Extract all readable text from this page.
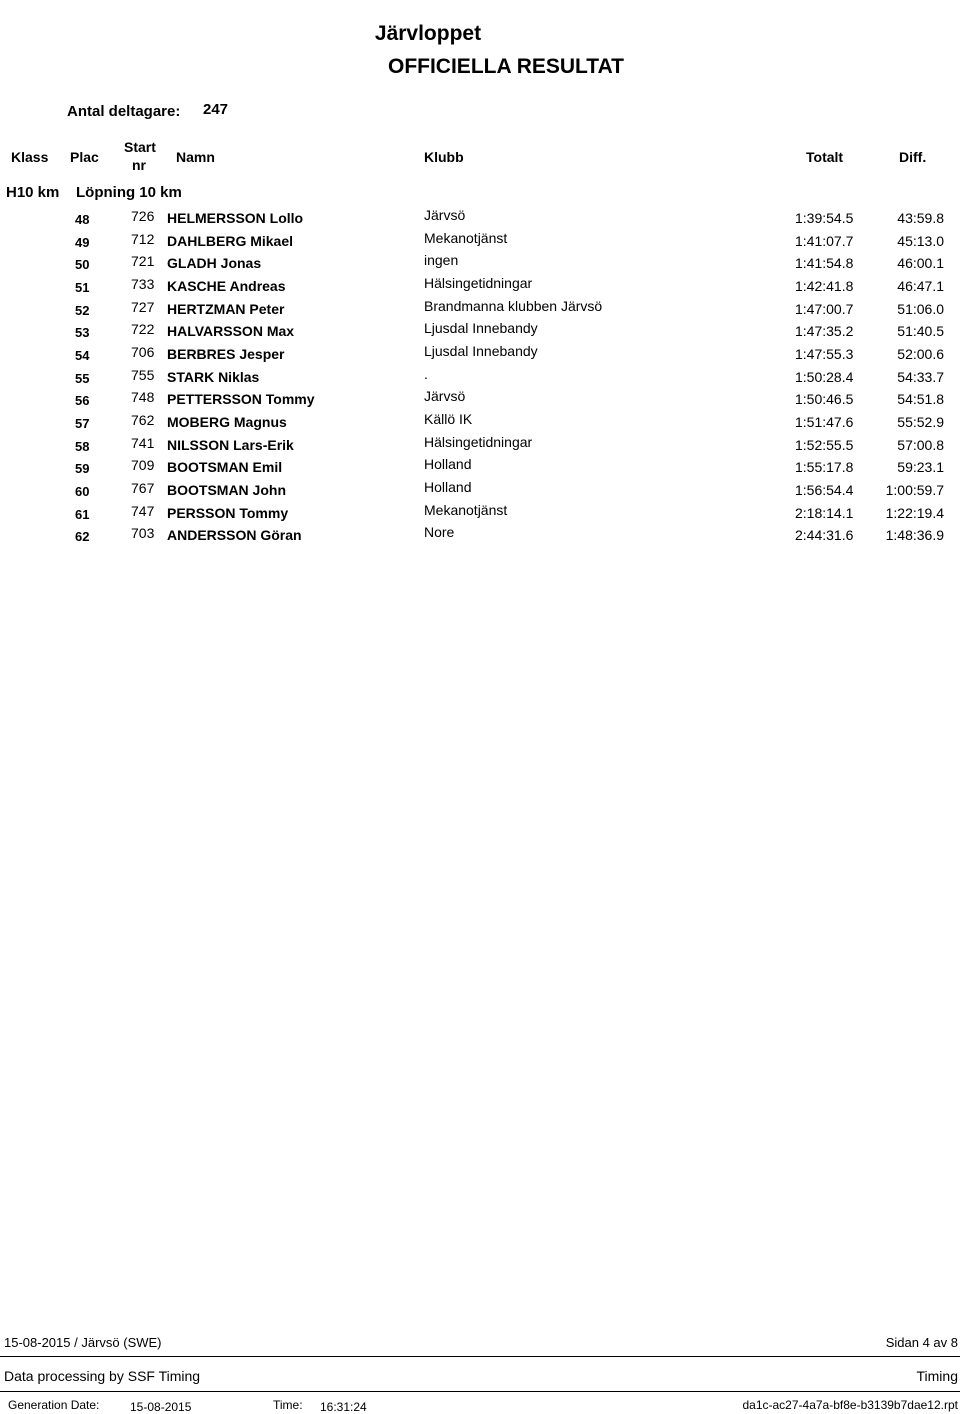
Järvloppet
OFFICIELLA RESULTAT
Antal deltagare: 247
Klass Plac
Start
nr Namn	Klubb	Totalt	Diff.
H10 km Löpning 10 km
48	726 HELMERSSON Lollo	Järvsö	1:39:54.5	43:59.8
49	712 DAHLBERG Mikael	Mekanotjänst	1:41:07.7	45:13.0
50	721 GLADH Jonas	ingen	1:41:54.8	46:00.1
51	733 KASCHE Andreas	Hälsingetidningar	1:42:41.8	46:47.1
52	727 HERTZMAN Peter	Brandmanna klubben Järvsö	1:47:00.7	51:06.0
53	722 HALVARSSON Max	Ljusdal Innebandy	1:47:35.2	51:40.5
54	706 BERBRES Jesper	Ljusdal Innebandy	1:47:55.3	52:00.6
55	755 STARK Niklas	.	1:50:28.4	54:33.7
56	748 PETTERSSON Tommy	Järvsö	1:50:46.5	54:51.8
57	762 MOBERG Magnus	Källö IK	1:51:47.6	55:52.9
58	741 NILSSON Lars-Erik	Hälsingetidningar	1:52:55.5	57:00.8
59	709 BOOTSMAN Emil	Holland	1:55:17.8	59:23.1
60	767 BOOTSMAN John	Holland	1:56:54.4 1:00:59.7
61	747 PERSSON Tommy	Mekanotjänst	2:18:14.1 1:22:19.4
62	703 ANDERSSON Göran	Nore	2:44:31.6 1:48:36.9
15-08-2015 / Järvsö (SWE)	Sidan 4 av 8
Data processing by SSF Timing	Timing
Generation Date:	15-08-2015	Time: 16:31:24	da1c-ac27-4a7a-bf8e-b3139b7dae12.rpt
